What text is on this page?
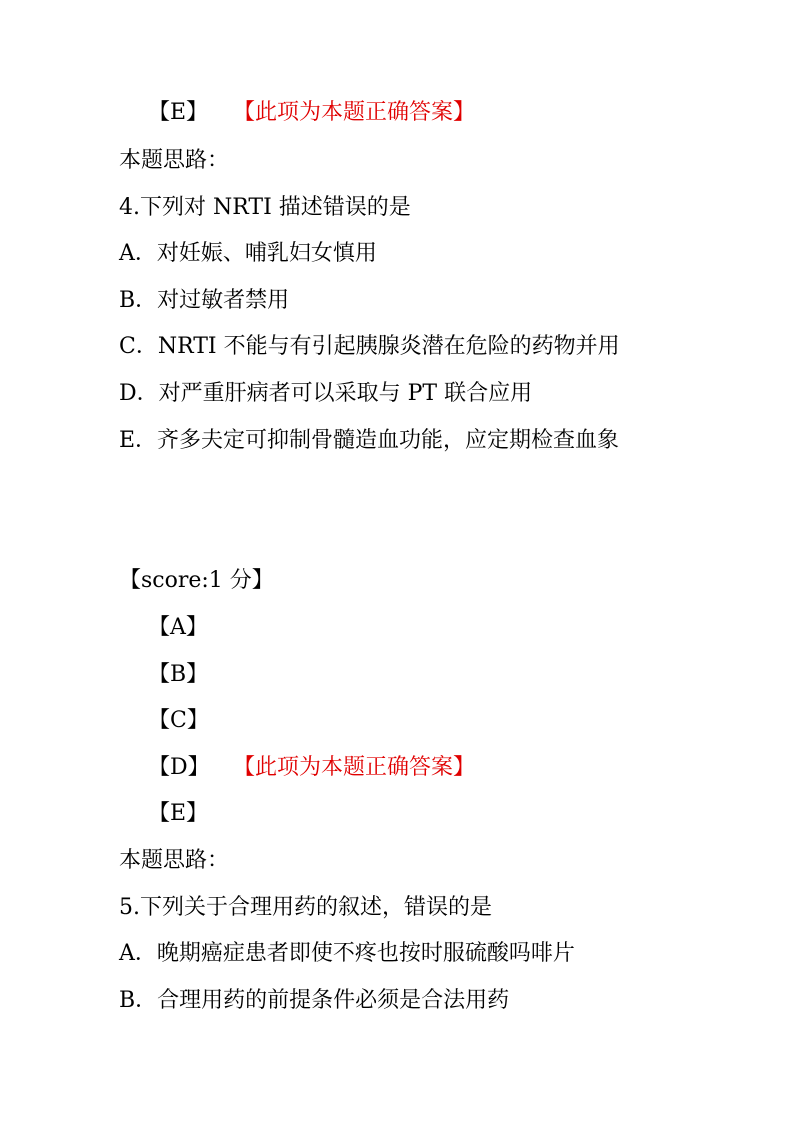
【E】 【此项为本题正确答案】
本题思路：
4.下列对 NRTI 描述错误的是
A．对妊娠、哺乳妇女慎用
B．对过敏者禁用
C．NRTI 不能与有引起胰腺炎潜在危险的药物并用
D．对严重肝病者可以采取与 PT 联合应用
E．齐多夫定可抑制骨髓造血功能，应定期检查血象
【score:1 分】
【A】
【B】
【C】
【D】 【此项为本题正确答案】
【E】
本题思路：
5.下列关于合理用药的叙述，错误的是
A．晚期癌症患者即使不疼也按时服硫酸吗啡片
B．合理用药的前提条件必须是合法用药
